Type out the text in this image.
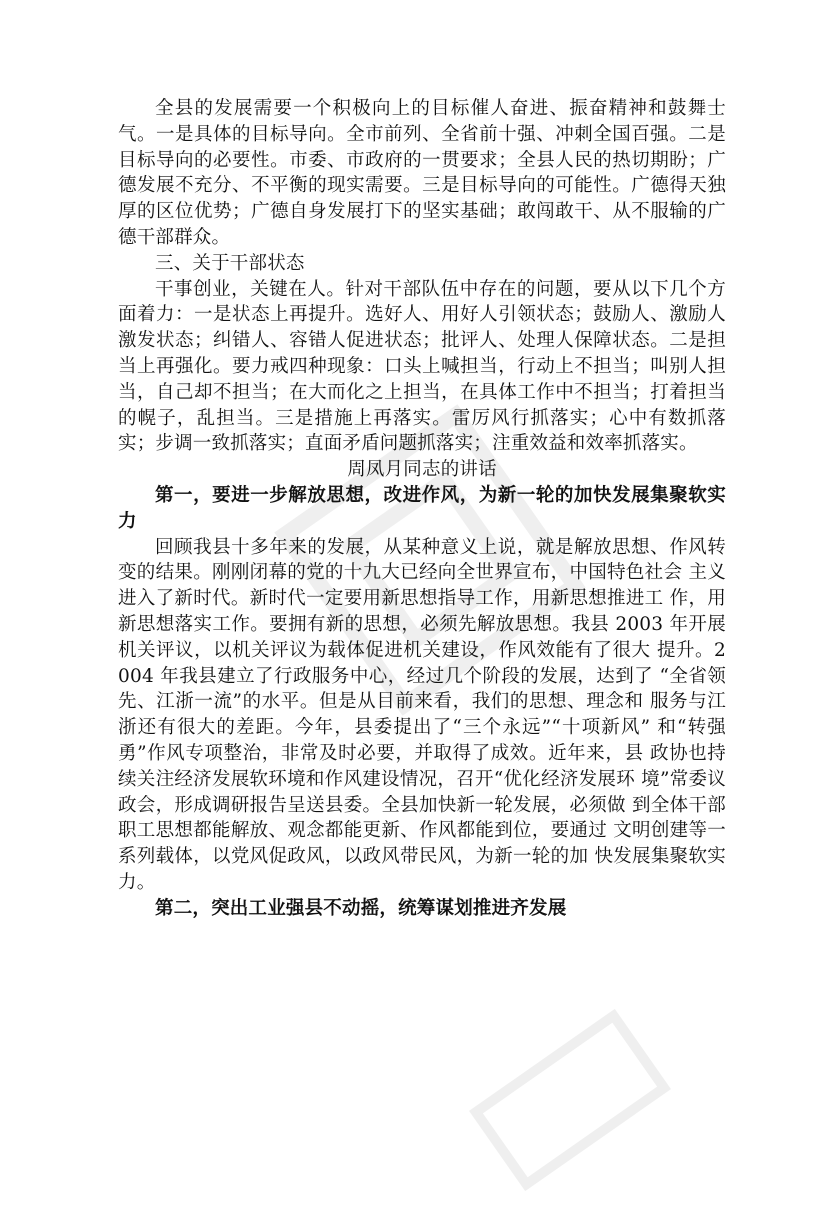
全县的发展需要一个积极向上的目标催人奋进、振奋精神和鼓舞士气。一是具体的目标导向。全市前列、全省前十强、冲刺全国百强。二是目标导向的必要性。市委、市政府的一贯要求；全县人民的热切期盼；广德发展不充分、不平衡的现实需要。三是目标导向的可能性。广德得天独厚的区位优势；广德自身发展打下的坚实基础；敢闯敢干、从不服输的广德干部群众。

三、关于干部状态

干事创业，关键在人。针对干部队伍中存在的问题，要从以下几个方面着力：一是状态上再提升。选好人、用好人引领状态；鼓励人、激励人激发状态；纠错人、容错人促进状态；批评人、处理人保障状态。二是担当上再强化。要力戒四种现象：口头上喊担当，行动上不担当；叫别人担当，自己却不担当；在大而化之上担当，在具体工作中不担当；打着担当的幌子，乱担当。三是措施上再落实。雷厉风行抓落实；心中有数抓落实；步调一致抓落实；直面矛盾问题抓落实；注重效益和效率抓落实。

周凤月同志的讲话

第一，要进一步解放思想，改进作风，为新一轮的加快发展集聚软实力

回顾我县十多年来的发展，从某种意义上说，就是解放思想、作风转变的结果。刚刚闭幕的党的十九大已经向全世界宣布，中国特色社会 主义进入了新时代。新时代一定要用新思想指导工作，用新思想推进工 作，用新思想落实工作。要拥有新的思想，必须先解放思想。我县 2003 年开展机关评议，以机关评议为载体促进机关建设，作风效能有了很大 提升。2004 年我县建立了行政服务中心，经过几个阶段的发展，达到了 “全省领先、江浙一流”的水平。但是从目前来看，我们的思想、理念和 服务与江浙还有很大的差距。今年，县委提出了“三个永远”“十项新风” 和“转强勇”作风专项整治，非常及时必要，并取得了成效。近年来，县 政协也持续关注经济发展软环境和作风建设情况，召开“优化经济发展环 境”常委议政会，形成调研报告呈送县委。全县加快新一轮发展，必须做 到全体干部职工思想都能解放、观念都能更新、作风都能到位，要通过 文明创建等一系列载体，以党风促政风，以政风带民风，为新一轮的加 快发展集聚软实力。

第二，突出工业强县不动摇，统筹谋划推进齐发展
